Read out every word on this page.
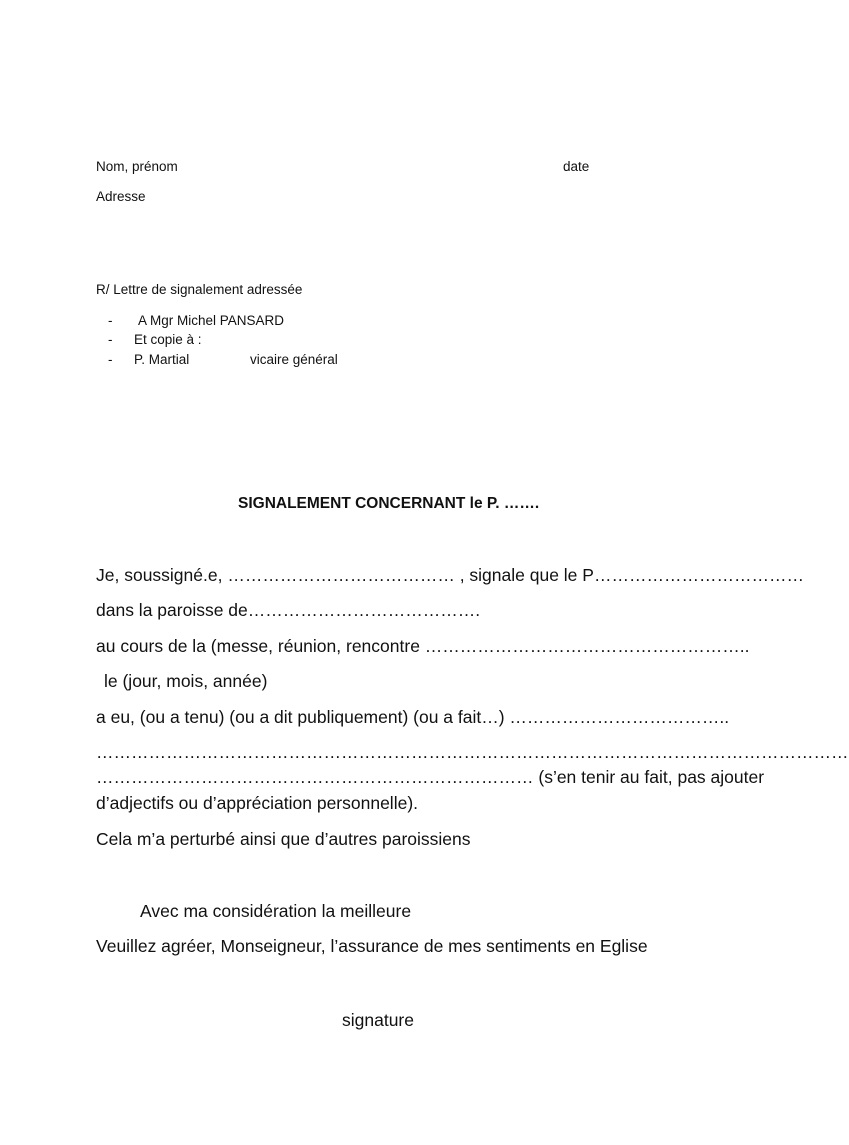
Nom, prénom	date
Adresse
R/ Lettre de signalement adressée
- A Mgr Michel PANSARD
- Et copie à :
- P. Martial	vicaire général
SIGNALEMENT CONCERNANT le P. …….
Je, soussigné.e, ………………………………… , signale que le P………………………………
dans la paroisse de………………………………….
au cours de la (messe, réunion, rencontre ………………………………………………..
le (jour, mois, année)
a eu, (ou a tenu) (ou a dit publiquement) (ou a fait…) ………………………………..
…………………………………………………………………………………………………………………
………………………………………………………………… (s’en tenir au fait, pas ajouter
d’adjectifs ou d’appréciation personnelle).
Cela m’a perturbé ainsi que d’autres paroissiens
Avec ma considération la meilleure
Veuillez agréer, Monseigneur, l’assurance de mes sentiments en Eglise
signature
